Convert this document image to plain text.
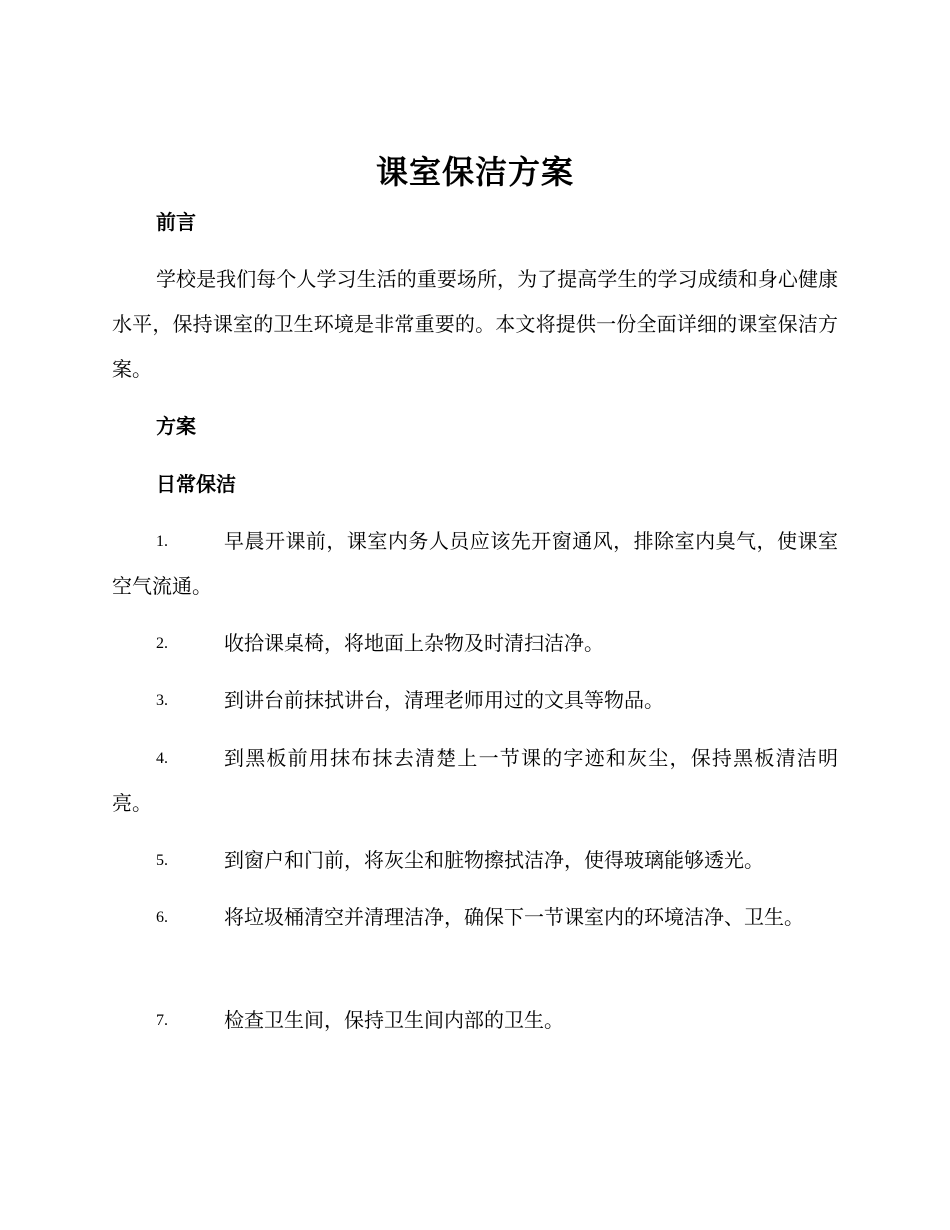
课室保洁方案
前言
学校是我们每个人学习生活的重要场所，为了提高学生的学习成绩和身心健康水平，保持课室的卫生环境是非常重要的。本文将提供一份全面详细的课室保洁方案。
方案
日常保洁
1.	早晨开课前，课室内务人员应该先开窗通风，排除室内臭气，使课室空气流通。
2.	收拾课桌椅，将地面上杂物及时清扫洁净。
3.	到讲台前抹拭讲台，清理老师用过的文具等物品。
4.	到黑板前用抹布抹去清楚上一节课的字迹和灰尘，保持黑板清洁明亮。
5.	到窗户和门前，将灰尘和脏物擦拭洁净，使得玻璃能够透光。
6.	将垃圾桶清空并清理洁净，确保下一节课室内的环境洁净、卫生。
7.	检查卫生间，保持卫生间内部的卫生。
